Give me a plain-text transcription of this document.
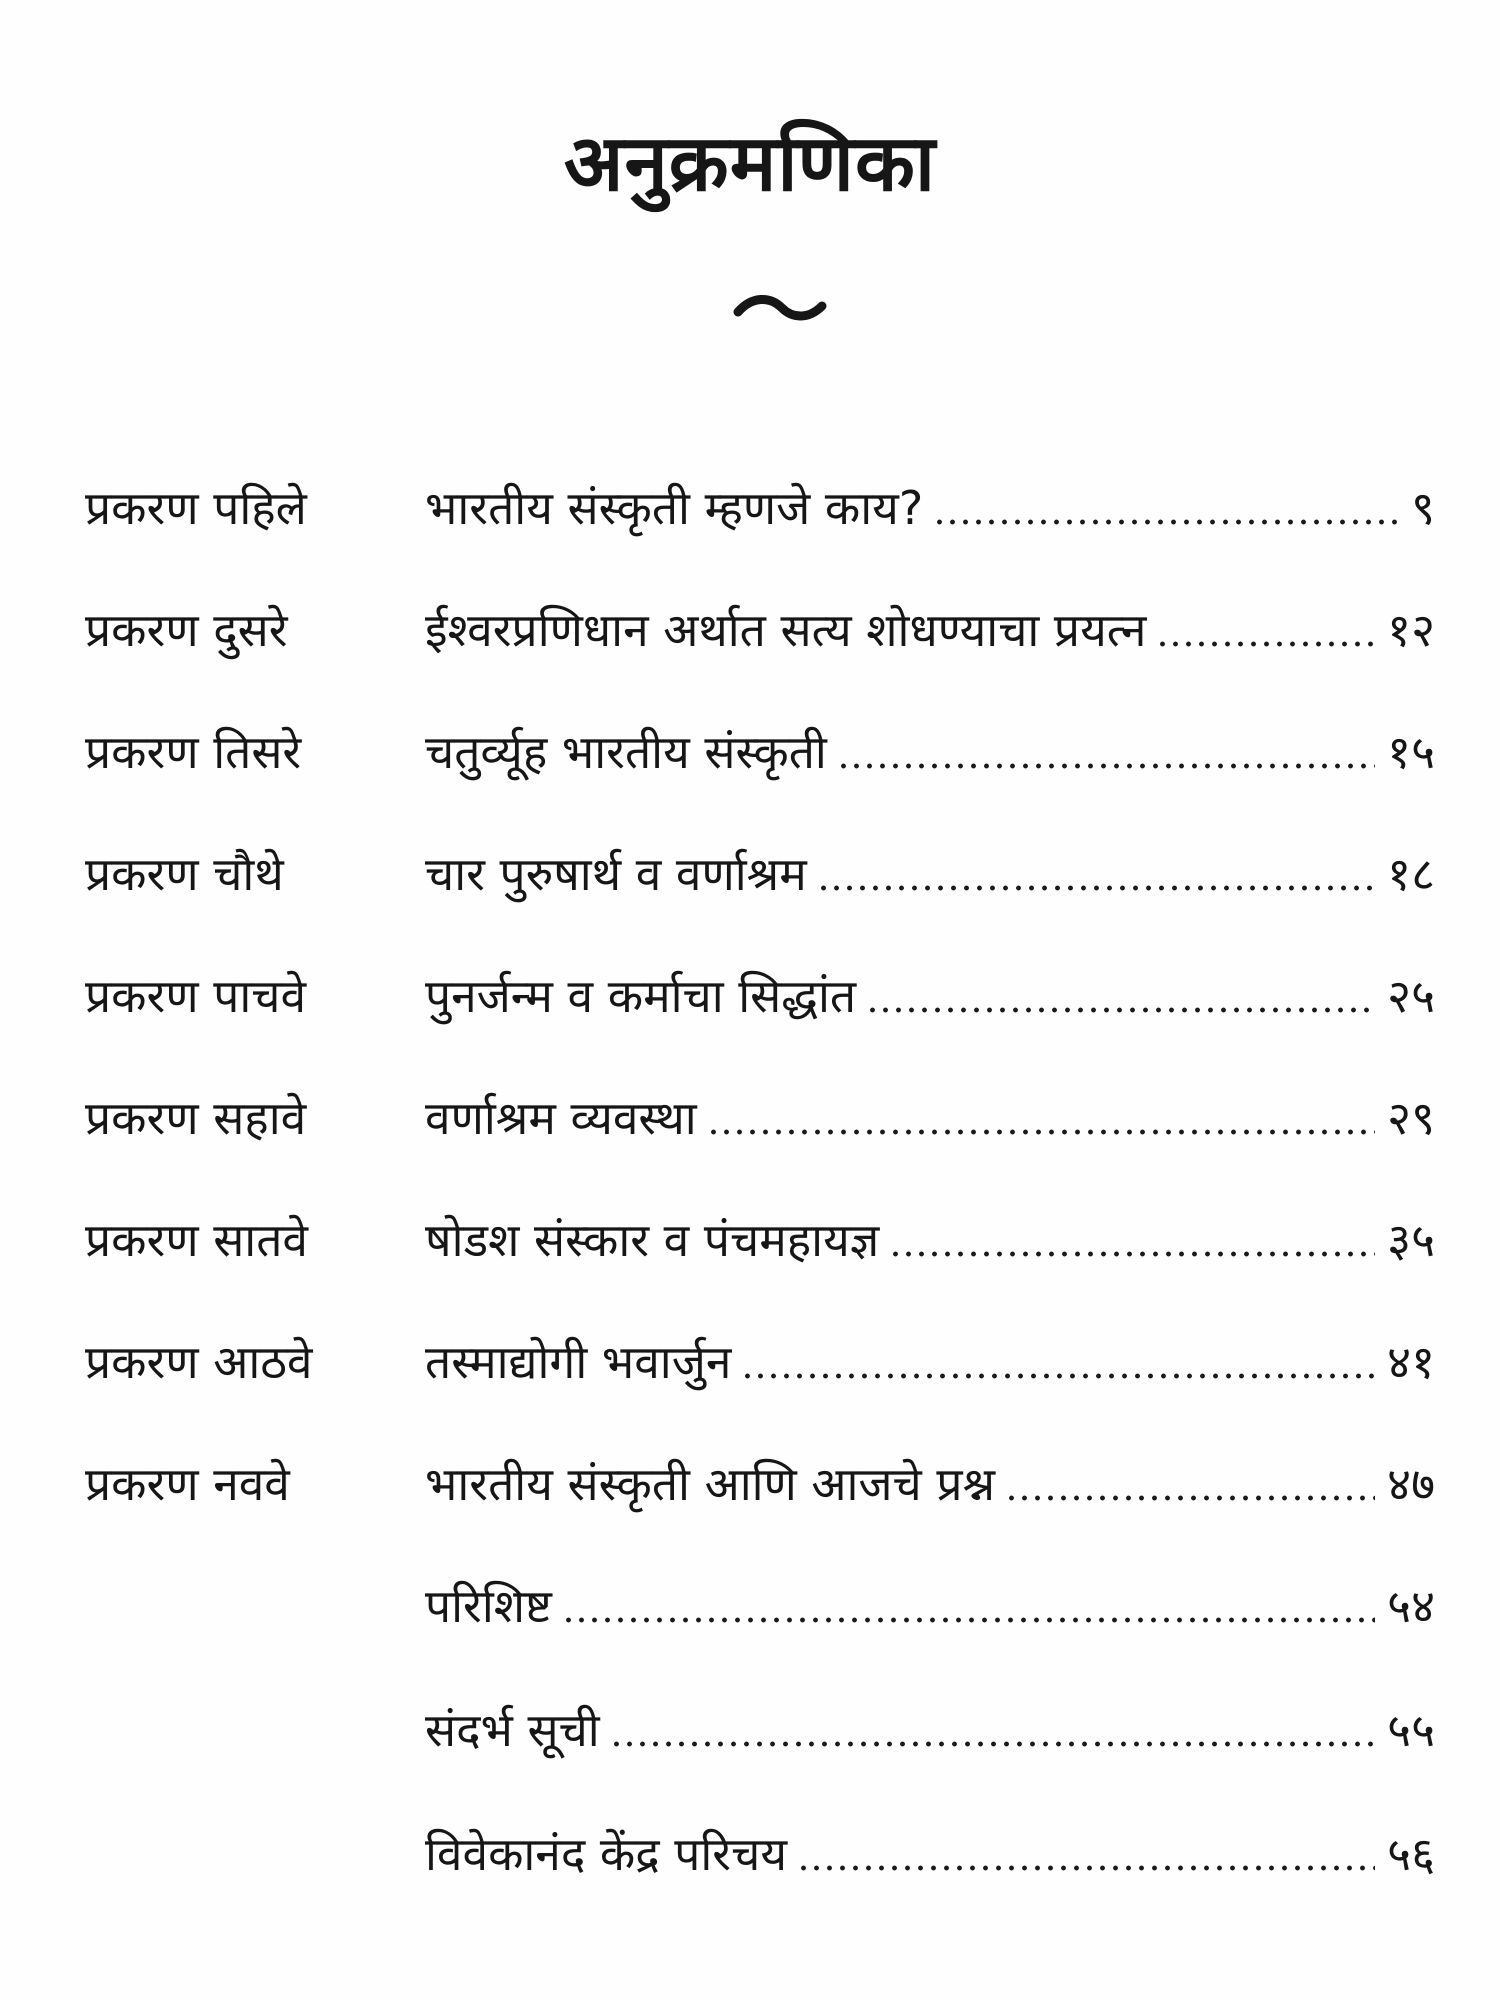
अनुक्रमणिका
प्रकरण पहिले	भारतीय संस्कृती म्हणजे काय?	९
प्रकरण दुसरे	ईश्वरप्रणिधान अर्थात सत्य शोधण्याचा प्रयत्न	१२
प्रकरण तिसरे	चतुर्व्यूह भारतीय संस्कृती	१५
प्रकरण चौथे	चार पुरुषार्थ व वर्णाश्रम	१८
प्रकरण पाचवे	पुनर्जन्म व कर्माचा सिद्धांत	२५
प्रकरण सहावे	वर्णाश्रम व्यवस्था	२९
प्रकरण सातवे	षोडश संस्कार व पंचमहायज्ञ	३५
प्रकरण आठवे	तस्माद्योगी भवार्जुन	४१
प्रकरण नववे	भारतीय संस्कृती आणि आजचे प्रश्न	४७
परिशिष्ट	५४
संदर्भ सूची	५५
विवेकानंद केंद्र परिचय	५६
